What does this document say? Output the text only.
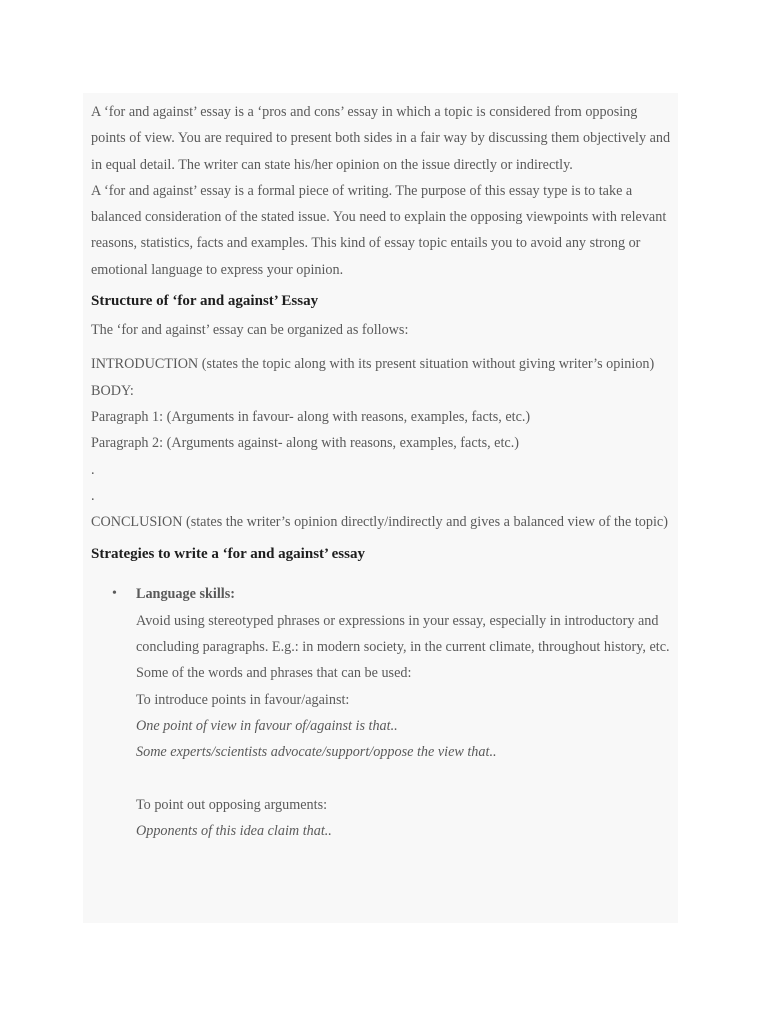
A ‘for and against’ essay is a ‘pros and cons’ essay in which a topic is considered from opposing points of view. You are required to present both sides in a fair way by discussing them objectively and in equal detail. The writer can state his/her opinion on the issue directly or indirectly.

A ‘for and against’ essay is a formal piece of writing. The purpose of this essay type is to take a balanced consideration of the stated issue. You need to explain the opposing viewpoints with relevant reasons, statistics, facts and examples. This kind of essay topic entails you to avoid any strong or emotional language to express your opinion.

Structure of ‘for and against’ Essay

The ‘for and against’ essay can be organized as follows:

INTRODUCTION (states the topic along with its present situation without giving writer’s opinion)

BODY:

Paragraph 1: (Arguments in favour- along with reasons, examples, facts, etc.)

Paragraph 2: (Arguments against- along with reasons, examples, facts, etc.)

.

.

CONCLUSION (states the writer’s opinion directly/indirectly and gives a balanced view of the topic)

Strategies to write a ‘for and against’ essay

• Language skills:

Avoid using stereotyped phrases or expressions in your essay, especially in introductory and concluding paragraphs. E.g.: in modern society, in the current climate, throughout history, etc. Some of the words and phrases that can be used:

To introduce points in favour/against:

One point of view in favour of/against is that..

Some experts/scientists advocate/support/oppose the view that..

To point out opposing arguments:

Opponents of this idea claim that..
